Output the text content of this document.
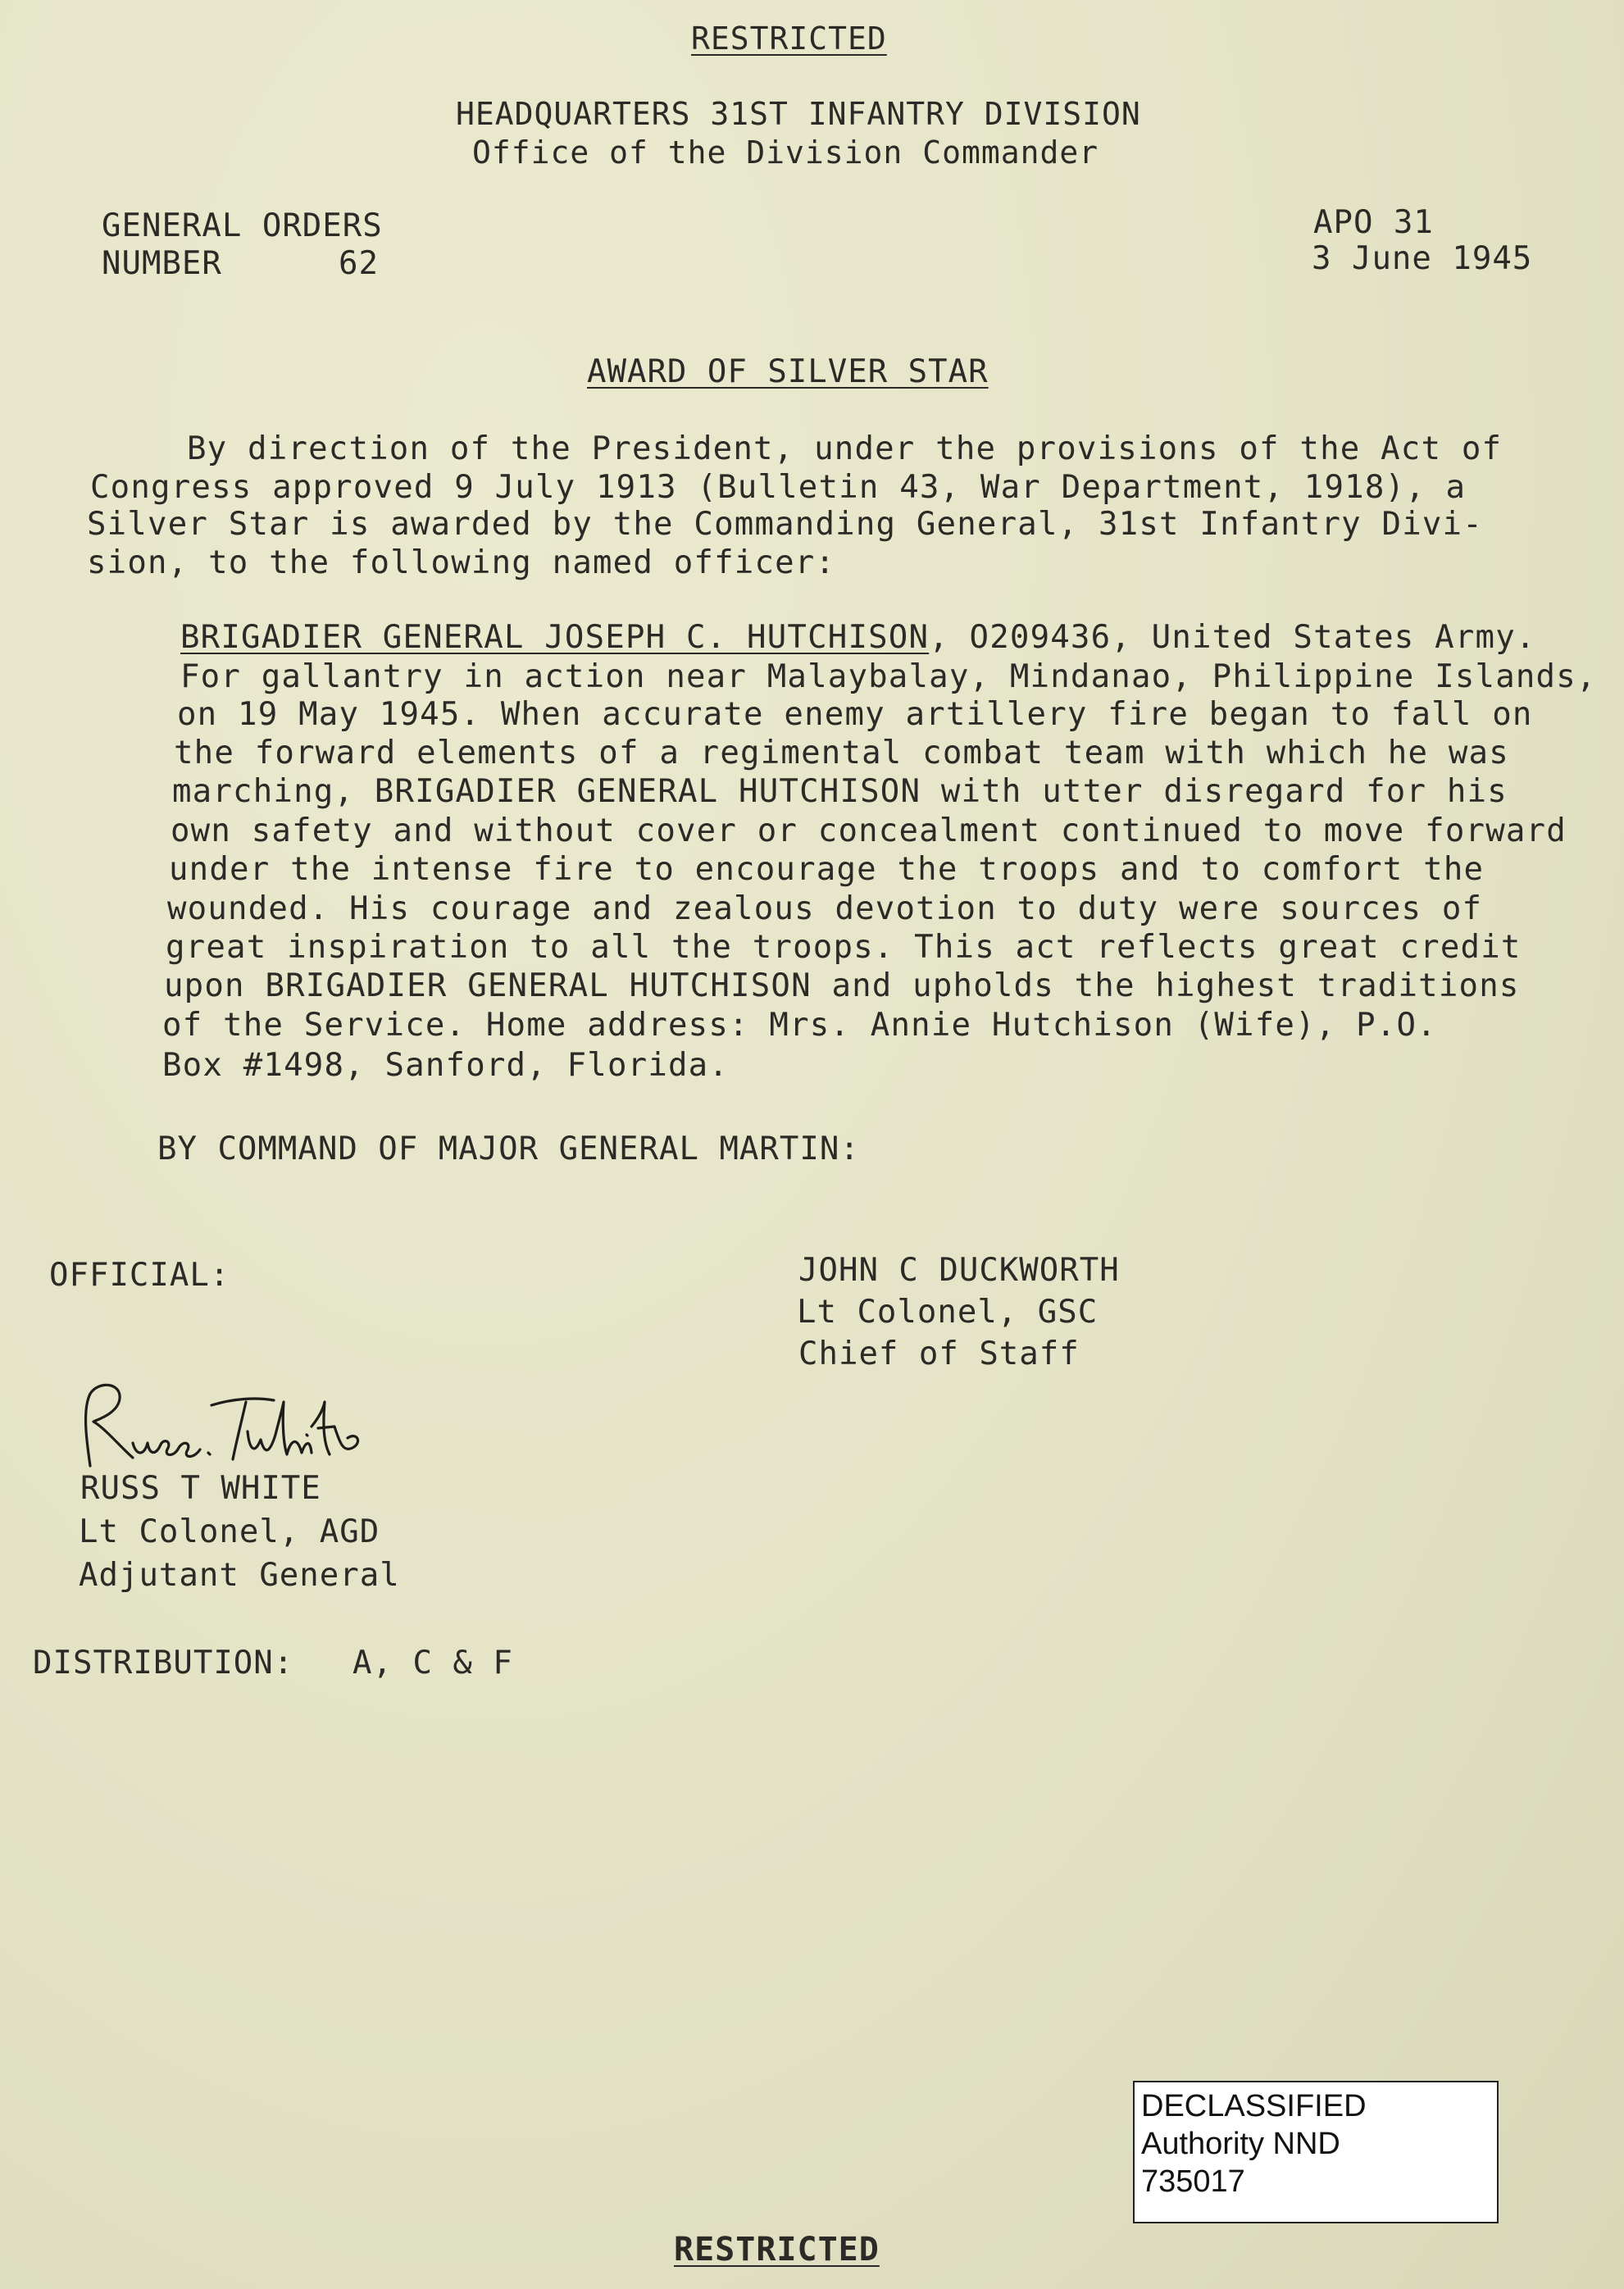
RESTRICTED
HEADQUARTERS 31ST INFANTRY DIVISION
Office of the Division Commander
GENERAL ORDERS
NUMBER	62
APO 31
3 June 1945
AWARD OF SILVER STAR
By direction of the President, under the provisions of the Act of
Congress approved 9 July 1913 (Bulletin 43, War Department, 1918), a
Silver Star is awarded by the Commanding General, 31st Infantry Divi-
sion, to the following named officer:
BRIGADIER GENERAL JOSEPH C. HUTCHISON, O209436, United States Army.
For gallantry in action near Malaybalay, Mindanao, Philippine Islands,
on 19 May 1945. When accurate enemy artillery fire began to fall on
the forward elements of a regimental combat team with which he was
marching, BRIGADIER GENERAL HUTCHISON with utter disregard for his
own safety and without cover or concealment continued to move forward
under the intense fire to encourage the troops and to comfort the
wounded. His courage and zealous devotion to duty were sources of
great inspiration to all the troops. This act reflects great credit
upon BRIGADIER GENERAL HUTCHISON and upholds the highest traditions
of the Service. Home address: Mrs. Annie Hutchison (Wife), P.O.
Box #1498, Sanford, Florida.
BY COMMAND OF MAJOR GENERAL MARTIN:
OFFICIAL:	JOHN C DUCKWORTH
Lt Colonel, GSC
Chief of Staff
RUSS T WHITE
Lt Colonel, AGD
Adjutant General
DISTRIBUTION: A, C & F
DECLASSIFIED
Authority NND
735017
RESTRICTED
